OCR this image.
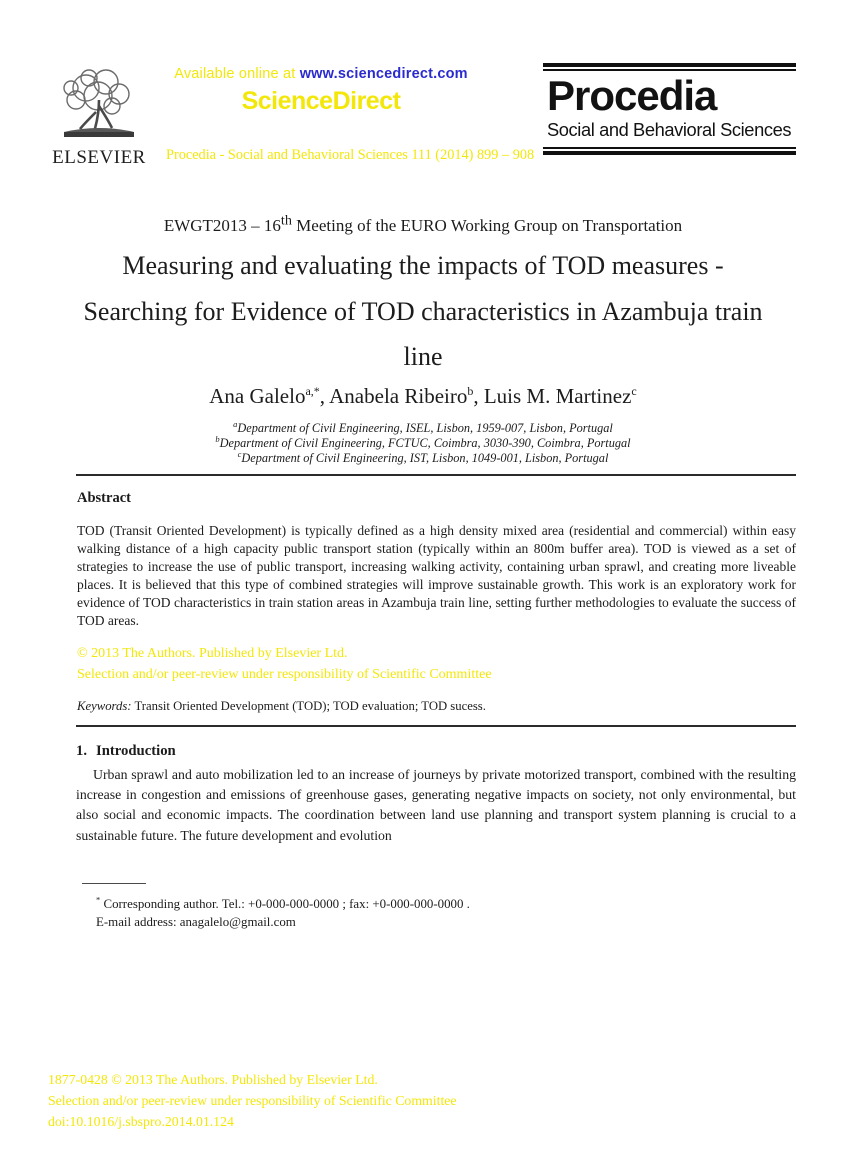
ELSEVIER
Available online at www.sciencedirect.com
ScienceDirect
Procedia - Social and Behavioral Sciences 111 (2014) 899 – 908
Procedia
Social and Behavioral Sciences
EWGT2013 – 16th Meeting of the EURO Working Group on Transportation
Measuring and evaluating the impacts of TOD measures -
Searching for Evidence of TOD characteristics in Azambuja train
line
Ana Galelo$^{a,*}$, Anabela Ribeiro$^b$, Luis M. Martinez$^c$
$^a$Department of Civil Engineering, ISEL, Lisbon, 1959-007, Lisbon, Portugal
$^b$Department of Civil Engineering, FCTUC, Coimbra, 3030-390, Coimbra, Portugal
$^c$Department of Civil Engineering, IST, Lisbon, 1049-001, Lisbon, Portugal
Abstract
TOD (Transit Oriented Development) is typically defined as a high density mixed area (residential and commercial) within easy walking distance of a high capacity public transport station (typically within an 800m buffer area). TOD is viewed as a set of strategies to increase the use of public transport, increasing walking activity, containing urban sprawl, and creating more liveable places. It is believed that this type of combined strategies will improve sustainable growth. This work is an exploratory work for evidence of TOD characteristics in train station areas in Azambuja train line, setting further methodologies to evaluate the success of TOD areas.
© 2013 The Authors. Published by Elsevier Ltd.
Selection and/or peer-review under responsibility of Scientific Committee
Keywords: Transit Oriented Development (TOD); TOD evaluation; TOD sucess.
1. Introduction
Urban sprawl and auto mobilization led to an increase of journeys by private motorized transport, combined with the resulting increase in congestion and emissions of greenhouse gases, generating negative impacts on society, not only environmental, but also social and economic impacts. The coordination between land use planning and transport system planning is crucial to a sustainable future. The future development and evolution
* Corresponding author. Tel.: +0-000-000-0000 ; fax: +0-000-000-0000 .
E-mail address: anagalelo@gmail.com
1877-0428 © 2013 The Authors. Published by Elsevier Ltd.
Selection and/or peer-review under responsibility of Scientific Committee
doi:10.1016/j.sbspro.2014.01.124
